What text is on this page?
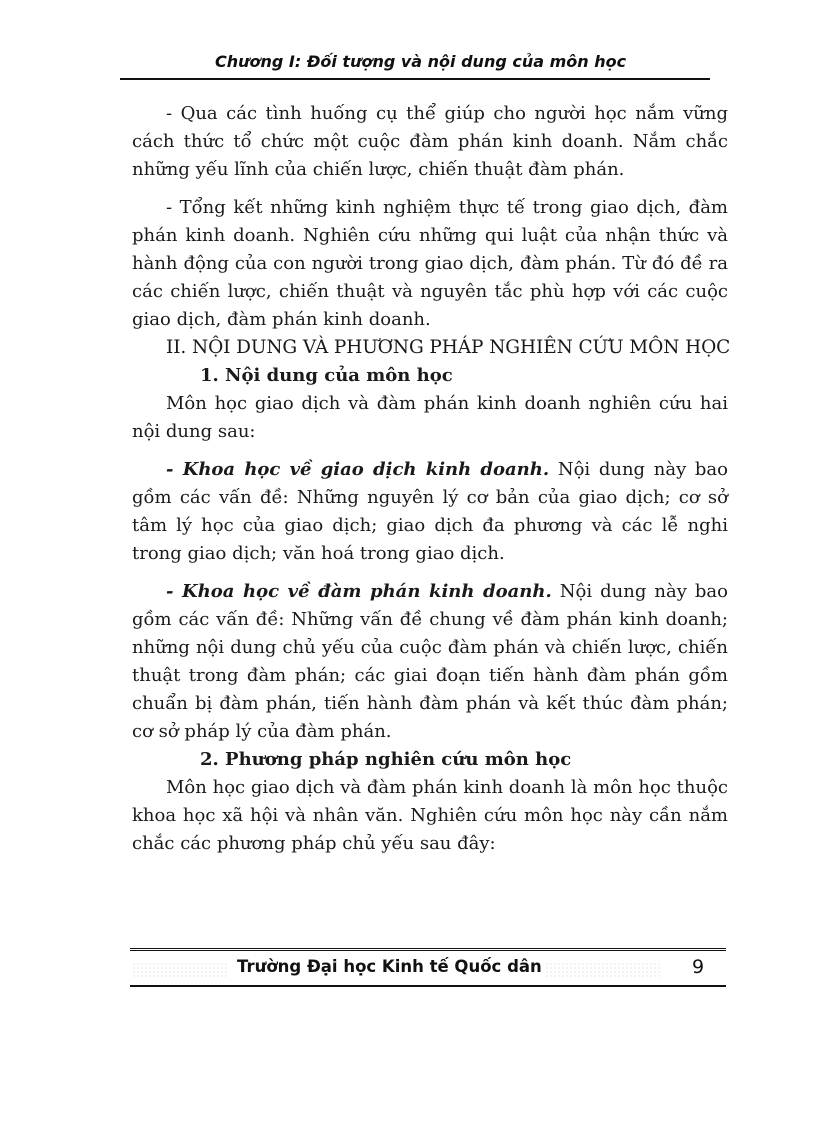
Chương I: Đối tượng và nội dung của môn học

- Qua các tình huống cụ thể giúp cho người học nắm vững cách thức tổ chức một cuộc đàm phán kinh doanh. Nắm chắc những yếu lĩnh của chiến lược, chiến thuật đàm phán.

- Tổng kết những kinh nghiệm thực tế trong giao dịch, đàm phán kinh doanh. Nghiên cứu những qui luật của nhận thức và hành động của con người trong giao dịch, đàm phán. Từ đó đề ra các chiến lược, chiến thuật và nguyên tắc phù hợp với các cuộc giao dịch, đàm phán kinh doanh.

II. NỘI DUNG VÀ PHƯƠNG PHÁP NGHIÊN CỨU MÔN HỌC

1. Nội dung của môn học

Môn học giao dịch và đàm phán kinh doanh nghiên cứu hai nội dung sau:

- Khoa học về giao dịch kinh doanh. Nội dung này bao gồm các vấn đề: Những nguyên lý cơ bản của giao dịch; cơ sở tâm lý học của giao dịch; giao dịch đa phương và các lễ nghi trong giao dịch; văn hoá trong giao dịch.

- Khoa học về đàm phán kinh doanh. Nội dung này bao gồm các vấn đề: Những vấn đề chung về đàm phán kinh doanh; những nội dung chủ yếu của cuộc đàm phán và chiến lược, chiến thuật trong đàm phán; các giai đoạn tiến hành đàm phán gồm chuẩn bị đàm phán, tiến hành đàm phán và kết thúc đàm phán; cơ sở pháp lý của đàm phán.

2. Phương pháp nghiên cứu môn học

Môn học giao dịch và đàm phán kinh doanh là môn học thuộc khoa học xã hội và nhân văn. Nghiên cứu môn học này cần nắm chắc các phương pháp chủ yếu sau đây:

Trường Đại học Kinh tế Quốc dân	9
